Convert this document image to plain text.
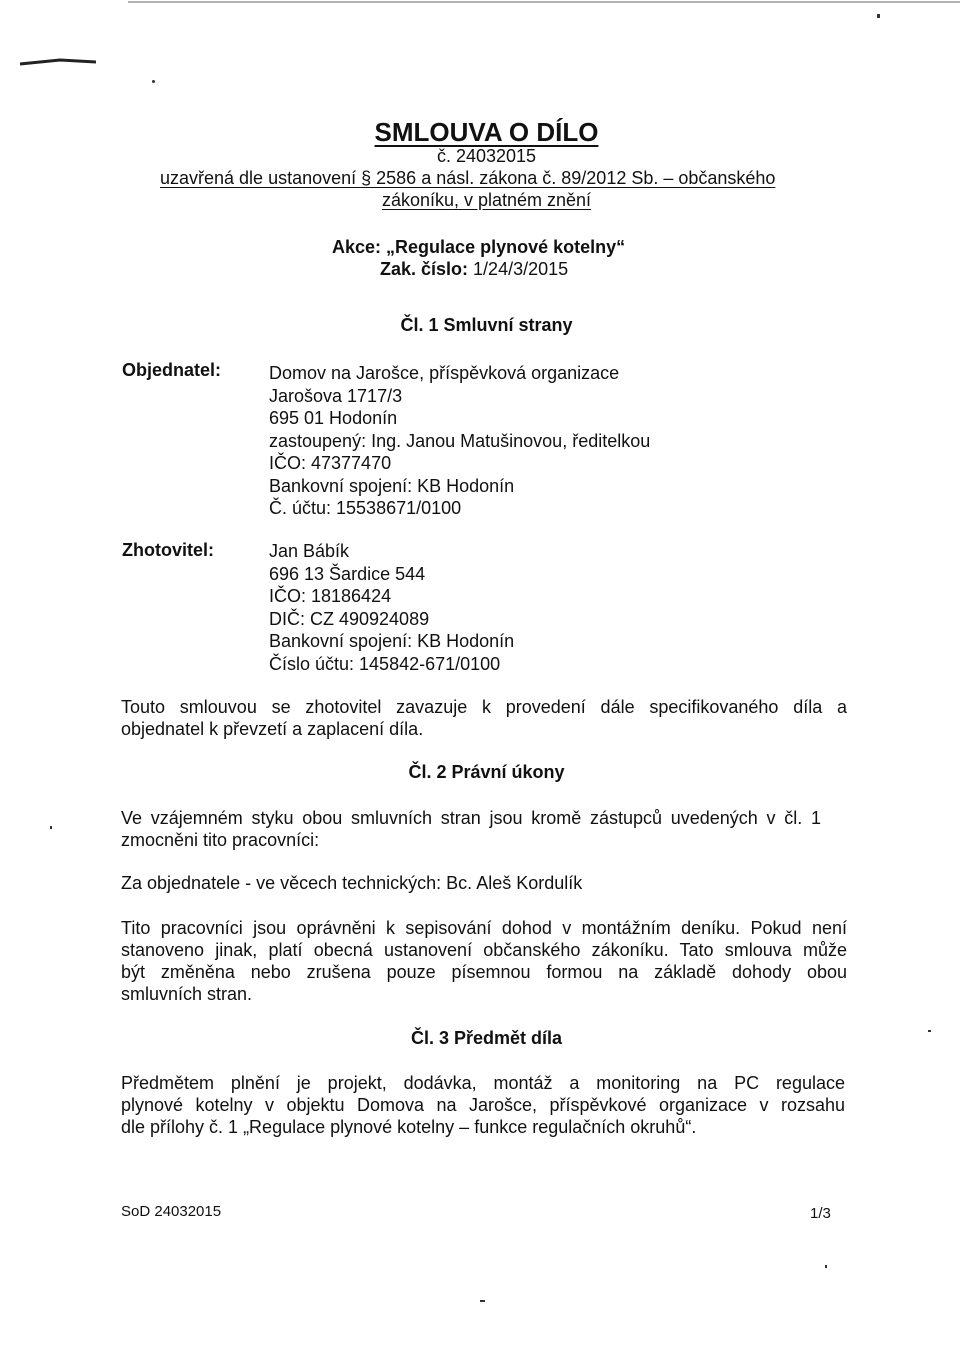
SMLOUVA O DÍLO
č. 24032015
uzavřená dle ustanovení § 2586 a násl. zákona č. 89/2012 Sb. – občanského
zákoníku, v platném znění
Akce: „Regulace plynové kotelny“
Zak. číslo: 1/24/3/2015
Čl. 1 Smluvní strany
Objednatel:	Domov na Jarošce, příspěvková organizace
Jarošova 1717/3
695 01 Hodonín
zastoupený: Ing. Janou Matušinovou, ředitelkou
IČO: 47377470
Bankovní spojení: KB Hodonín
Č. účtu: 15538671/0100
Zhotovitel:	Jan Bábík
696 13 Šardice 544
IČO: 18186424
DIČ: CZ 490924089
Bankovní spojení: KB Hodonín
Číslo účtu: 145842-671/0100
Touto smlouvou se zhotovitel zavazuje k provedení dále specifikovaného díla a
objednatel k převzetí a zaplacení díla.
Čl. 2 Právní úkony
Ve vzájemném styku obou smluvních stran jsou kromě zástupců uvedených v čl. 1
zmocněni tito pracovníci:
Za objednatele - ve věcech technických: Bc. Aleš Kordulík
Tito pracovníci jsou oprávněni k sepisování dohod v montážním deníku. Pokud není
stanoveno jinak, platí obecná ustanovení občanského zákoníku. Tato smlouva může
být změněna nebo zrušena pouze písemnou formou na základě dohody obou
smluvních stran.
Čl. 3 Předmět díla
Předmětem plnění je projekt, dodávka, montáž a monitoring na PC regulace
plynové kotelny v objektu Domova na Jarošce, příspěvkové organizace v rozsahu
dle přílohy č. 1 „Regulace plynové kotelny – funkce regulačních okruhů“.
SoD 24032015	1/3
